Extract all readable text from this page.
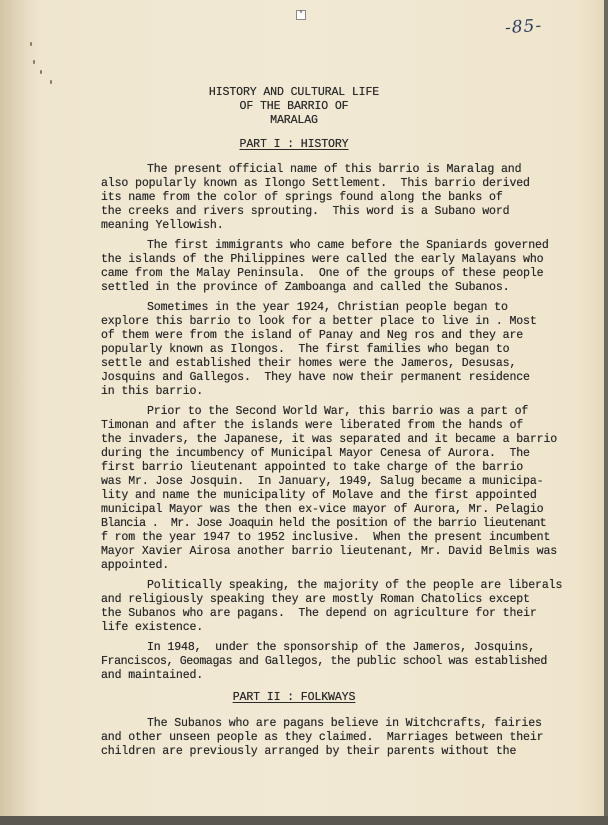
*
-85-
HISTORY AND CULTURAL LIFE
OF THE BARRIO OF
MARALAG
PART I : HISTORY
The present official name of this barrio is Maralag and
also popularly known as Ilongo Settlement.  This barrio derived
its name from the color of springs found along the banks of
the creeks and rivers sprouting.  This word is a Subano word
meaning Yellowish.
The first immigrants who came before the Spaniards governed
the islands of the Philippines were called the early Malayans who
came from the Malay Peninsula.  One of the groups of these people
settled in the province of Zamboanga and called the Subanos.
Sometimes in the year 1924, Christian people began to
explore this barrio to look for a better place to live in . Most
of them were from the island of Panay and Neg ros and they are
popularly known as Ilongos.  The first families who began to
settle and established their homes were the Jameros, Desusas,
Josquins and Gallegos.  They have now their permanent residence
in this barrio.
Prior to the Second World War, this barrio was a part of
Timonan and after the islands were liberated from the hands of
the invaders, the Japanese, it was separated and it became a barrio
during the incumbency of Municipal Mayor Cenesa of Aurora.  The
first barrio lieutenant appointed to take charge of the barrio
was Mr. Jose Josquin.  In January, 1949, Salug became a municipa-
lity and name the municipality of Molave and the first appointed
municipal Mayor was the then ex-vice mayor of Aurora, Mr. Pelagio
Blancia .  Mr. Jose Joaquin held the position of the barrio lieutenant
f rom the year 1947 to 1952 inclusive.  When the present incumbent
Mayor Xavier Airosa another barrio lieutenant, Mr. David Belmis was
appointed.
Politically speaking, the majority of the people are liberals
and religiously speaking they are mostly Roman Chatolics except
the Subanos who are pagans.  The depend on agriculture for their
life existence.
In 1948,  under the sponsorship of the Jameros, Josquins,
Franciscos, Geomagas and Gallegos, the public school was established
and maintained.
PART II : FOLKWAYS
The Subanos who are pagans believe in Witchcrafts, fairies
and other unseen people as they claimed.  Marriages between their
children are previously arranged by their parents without the
